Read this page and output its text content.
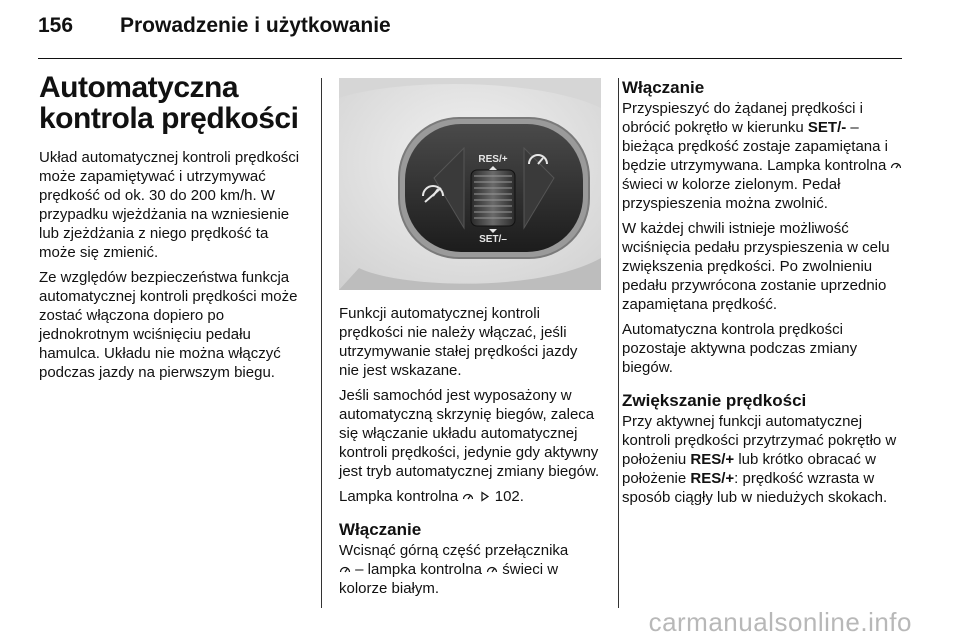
156	Prowadzenie i użytkowanie
Automatyczna kontrola prędkości

Układ automatycznej kontroli prędkości może zapamiętywać i utrzymywać prędkość od ok. 30 do 200 km/h. W przypadku wjeżdżania na wzniesienie lub zjeżdżania z niego prędkość ta może się zmienić.

Ze względów bezpieczeństwa funkcja automatycznej kontroli prędkości może zostać włączona dopiero po jednokrotnym wciśnięciu pedału hamulca. Układu nie można włączyć podczas jazdy na pierwszym biegu.

RES/+
SET/–

Funkcji automatycznej kontroli prędkości nie należy włączać, jeśli utrzymywanie stałej prędkości jazdy nie jest wskazane.

Jeśli samochód jest wyposażony w automatyczną skrzynię biegów, zaleca się włączanie układu automatycznej kontroli prędkości, jedynie gdy aktywny jest tryb automatycznej zmiany biegów.

Lampka kontrolna   102.

Włączanie

Wcisnąć górną część przełącznika
– lampka kontrolna  świeci w kolorze białym.

Włączanie

Przyspieszyć do żądanej prędkości i obrócić pokrętło w kierunku SET/- – bieżąca prędkość zostaje zapamiętana i będzie utrzymywana. Lampka kontrolna  świeci w kolorze zielonym. Pedał przyspieszenia można zwolnić.

W każdej chwili istnieje możliwość wciśnięcia pedału przyspieszenia w celu zwiększenia prędkości. Po zwolnieniu pedału przywrócona zostanie uprzednio zapamiętana prędkość.

Automatyczna kontrola prędkości pozostaje aktywna podczas zmiany biegów.

Zwiększanie prędkości

Przy aktywnej funkcji automatycznej kontroli prędkości przytrzymać pokrętło w położeniu RES/+ lub krótko obracać w położenie RES/+: prędkość wzrasta w sposób ciągły lub w niedużych skokach.

carmanualsonline.info
